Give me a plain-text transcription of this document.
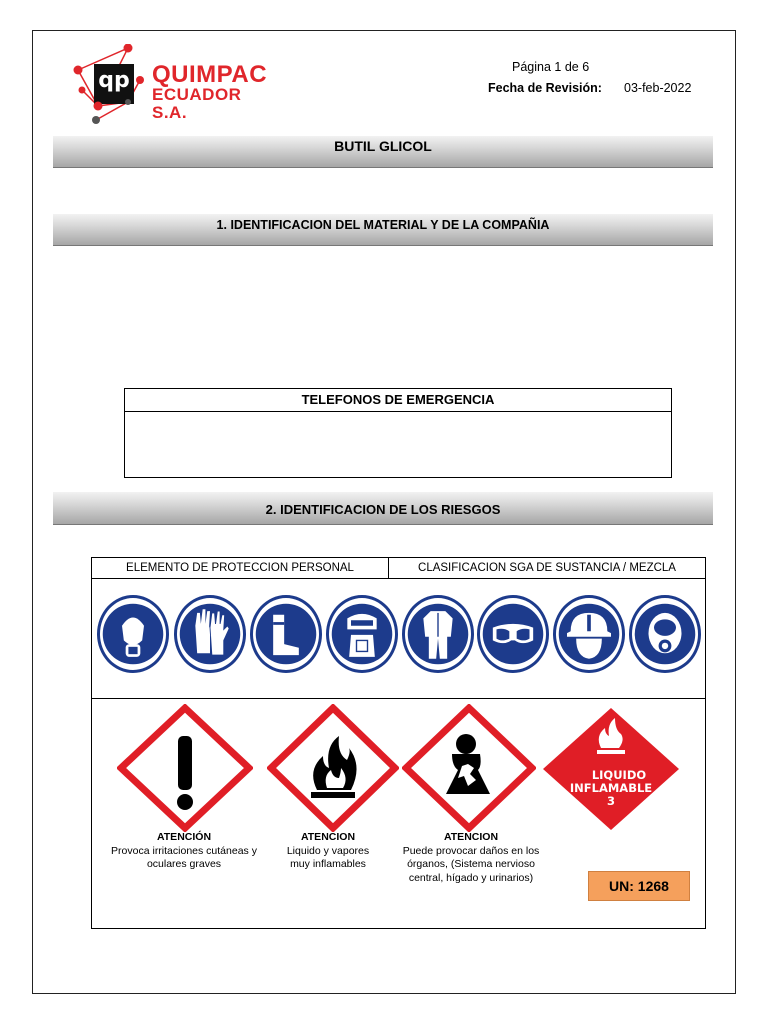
qp QUIMPAC
ECUADOR S.A.
Página 1 de 6
Fecha de Revisión: 03-feb-2022
BUTIL GLICOL
1. IDENTIFICACION DEL MATERIAL Y DE LA COMPAÑIA
TELEFONOS DE EMERGENCIA
2. IDENTIFICACION DE LOS RIESGOS
ELEMENTO DE PROTECCION PERSONAL	CLASIFICACION SGA DE SUSTANCIA / MEZCLA
LIQUIDO
INFLAMABLE
3
ATENCIÓN
Provoca irritaciones cutáneas y oculares graves
ATENCION
Liquido y vapores muy inflamables
ATENCION
Puede provocar daños en los órganos, (Sistema nervioso central, hígado y urinarios)
UN: 1268
